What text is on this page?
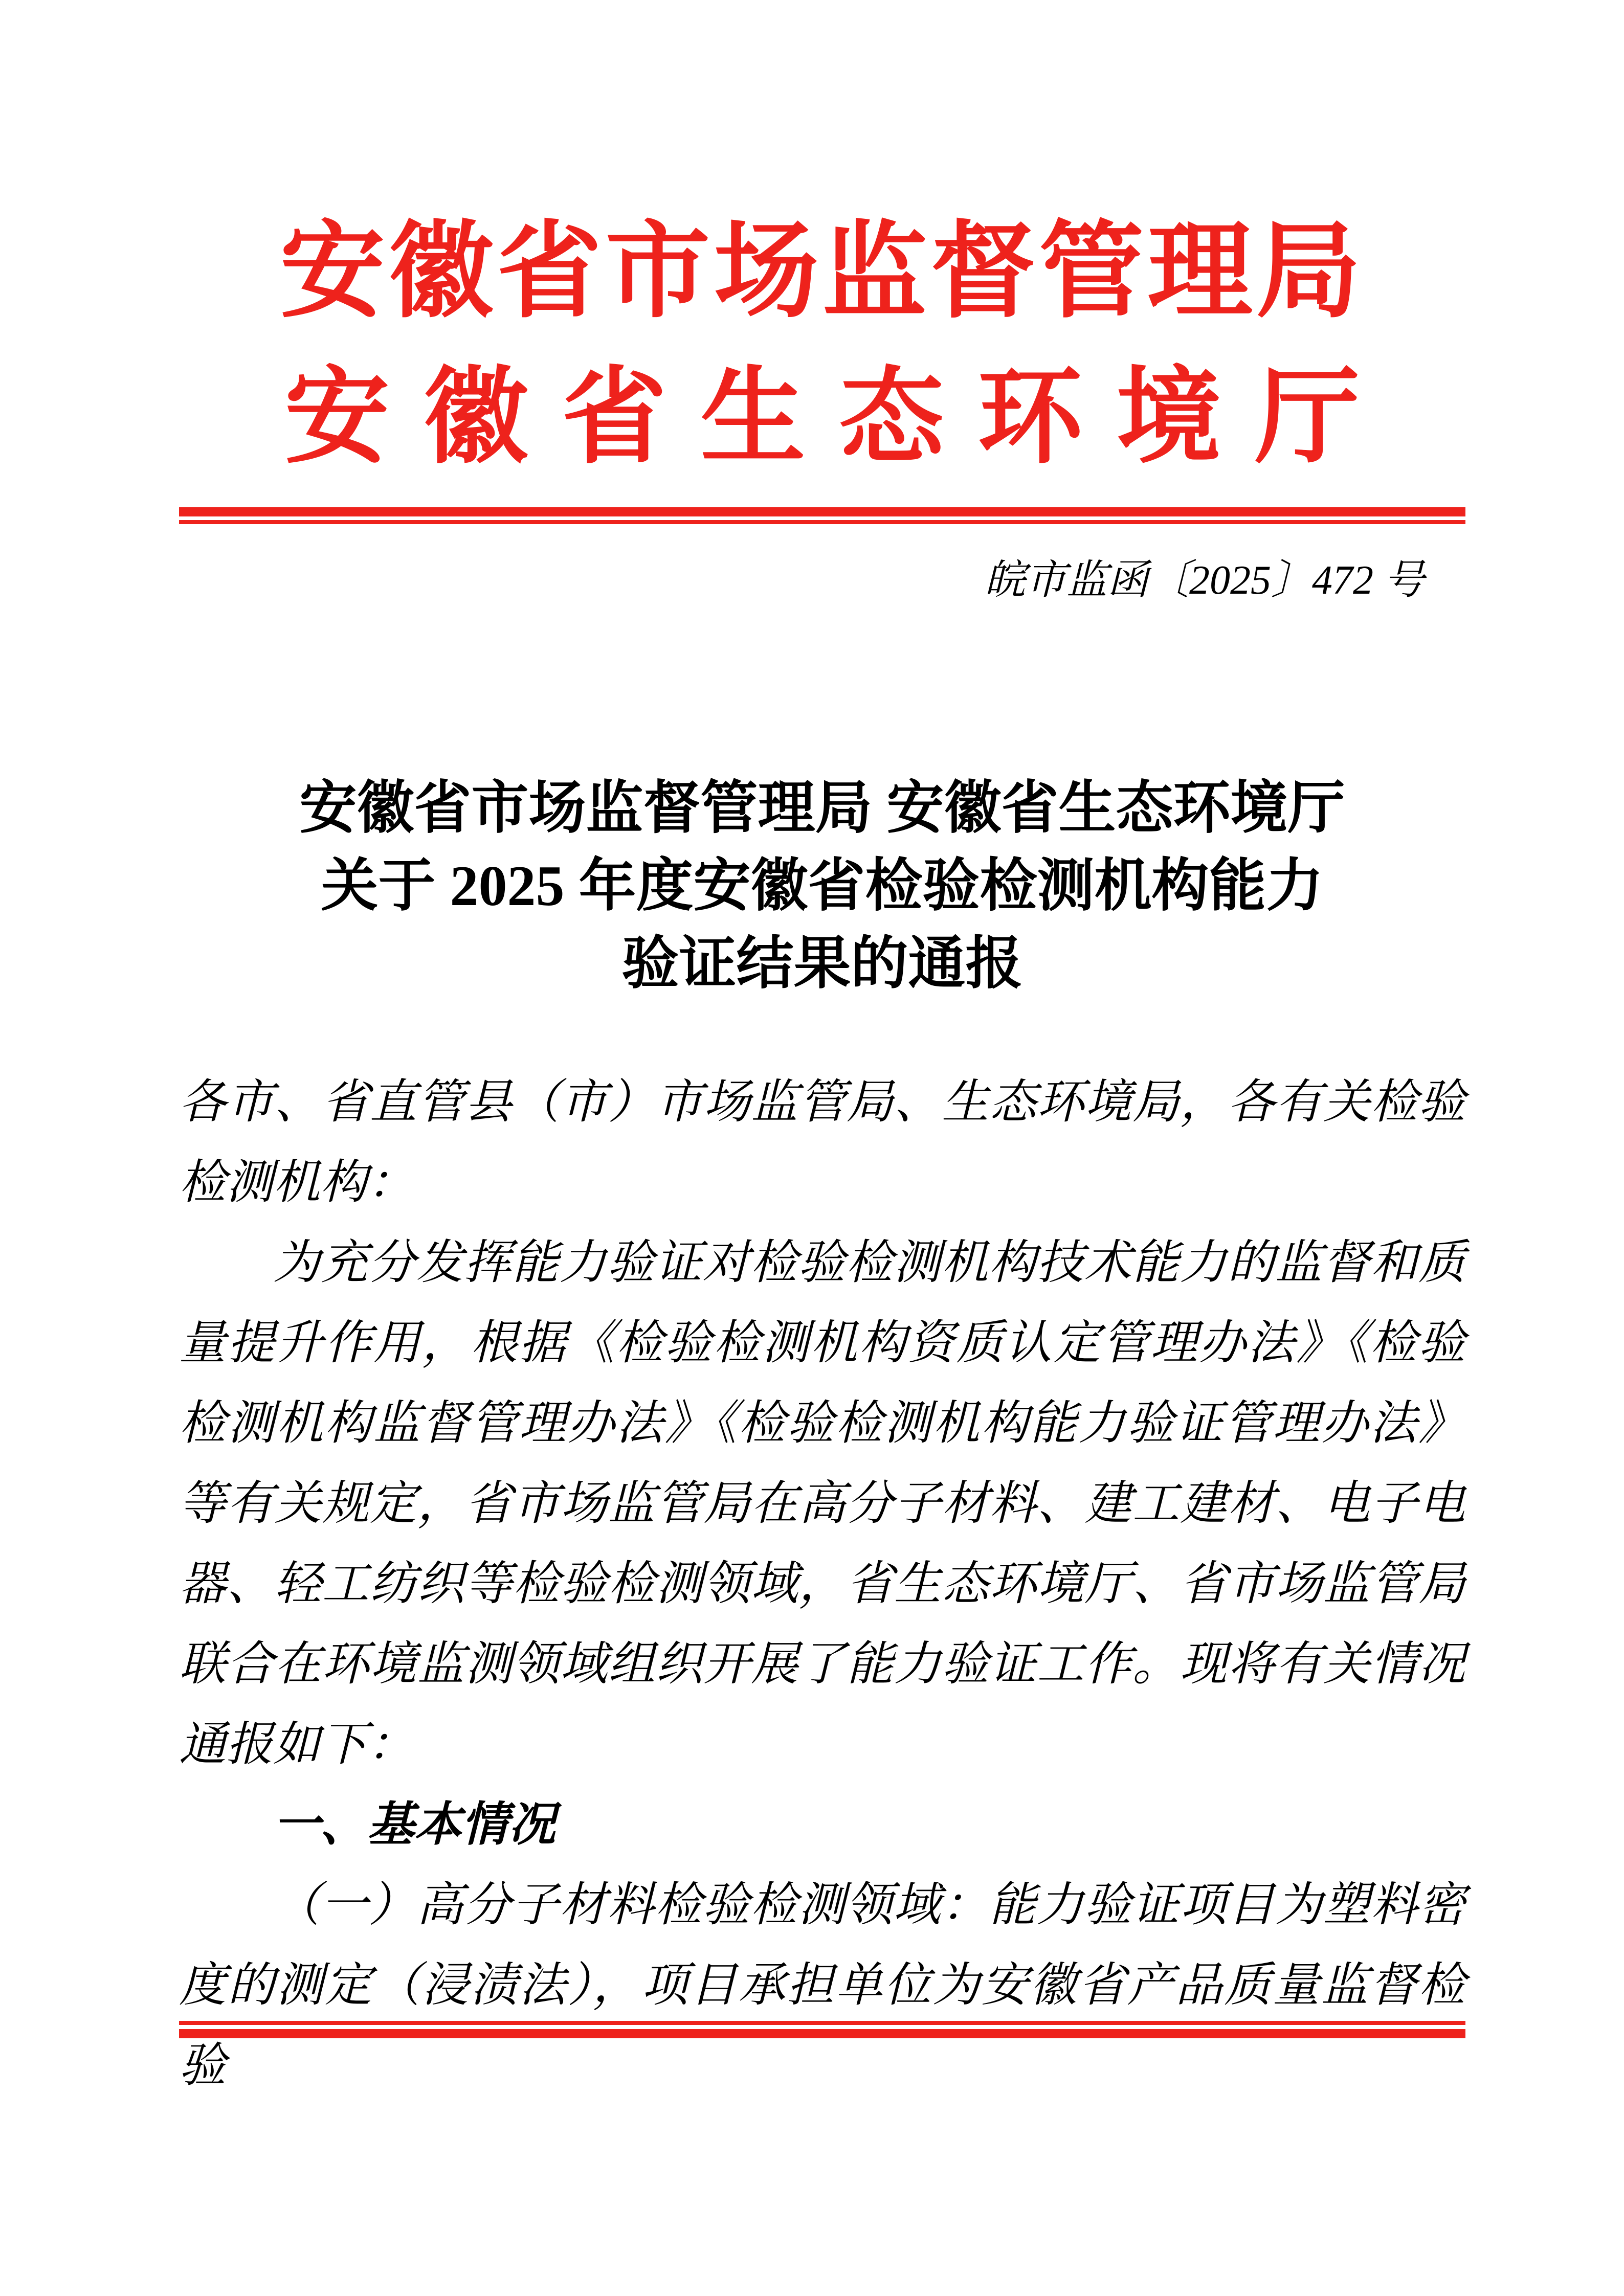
安徽省市场监督管理局
安徽省生态环境厅
皖市监函〔2025〕472 号
安徽省市场监督管理局 安徽省生态环境厅
关于 2025 年度安徽省检验检测机构能力
验证结果的通报

各市、省直管县（市）市场监管局、生态环境局，各有关检验检测机构：

为充分发挥能力验证对检验检测机构技术能力的监督和质量提升作用，根据《检验检测机构资质认定管理办法》《检验检测机构监督管理办法》《检验检测机构能力验证管理办法》等有关规定，省市场监管局在高分子材料、建工建材、电子电器、轻工纺织等检验检测领域，省生态环境厅、省市场监管局联合在环境监测领域组织开展了能力验证工作。现将有关情况通报如下：

一、基本情况

（一）高分子材料检验检测领域：能力验证项目为塑料密度的测定（浸渍法），项目承担单位为安徽省产品质量监督检验
